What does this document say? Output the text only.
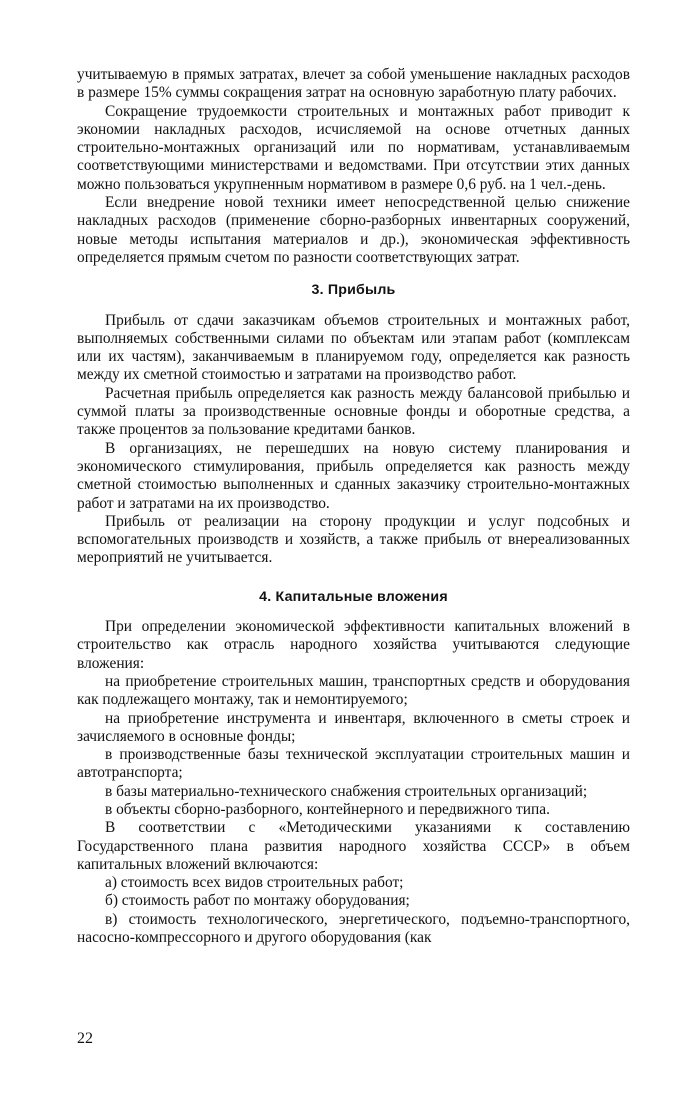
учитываемую в прямых затратах, влечет за собой уменьшение накладных расходов в размере 15% суммы сокращения затрат на основную заработную плату рабочих.

Сокращение трудоемкости строительных и монтажных работ приводит к экономии накладных расходов, исчисляемой на основе отчетных данных строительно-монтажных организаций или по нормативам, устанавливаемым соответствующими министерствами и ведомствами. При отсутствии этих данных можно пользоваться укрупненным нормативом в размере 0,6 руб. на 1 чел.-день.

Если внедрение новой техники имеет непосредственной целью снижение накладных расходов (применение сборно-разборных инвентарных сооружений, новые методы испытания материалов и др.), экономическая эффективность определяется прямым счетом по разности соответствующих затрат.

3. Прибыль

Прибыль от сдачи заказчикам объемов строительных и монтажных работ, выполняемых собственными силами по объектам или этапам работ (комплексам или их частям), заканчиваемым в планируемом году, определяется как разность между их сметной стоимостью и затратами на производство работ.

Расчетная прибыль определяется как разность между балансовой прибылью и суммой платы за производственные основные фонды и оборотные средства, а также процентов за пользование кредитами банков.

В организациях, не перешедших на новую систему планирования и экономического стимулирования, прибыль определяется как разность между сметной стоимостью выполненных и сданных заказчику строительно-монтажных работ и затратами на их производство.

Прибыль от реализации на сторону продукции и услуг подсобных и вспомогательных производств и хозяйств, а также прибыль от внереализованных мероприятий не учитывается.

4. Капитальные вложения

При определении экономической эффективности капитальных вложений в строительство как отрасль народного хозяйства учитываются следующие вложения:

на приобретение строительных машин, транспортных средств и оборудования как подлежащего монтажу, так и немонтируемого;

на приобретение инструмента и инвентаря, включенного в сметы строек и зачисляемого в основные фонды;

в производственные базы технической эксплуатации строительных машин и автотранспорта;

в базы материально-технического снабжения строительных организаций;

в объекты сборно-разборного, контейнерного и передвижного типа.

В соответствии с «Методическими указаниями к составлению Государственного плана развития народного хозяйства СССР» в объем капитальных вложений включаются:

а) стоимость всех видов строительных работ;

б) стоимость работ по монтажу оборудования;

в) стоимость технологического, энергетического, подъемно-транспортного, насосно-компрессорного и другого оборудования (как

22
